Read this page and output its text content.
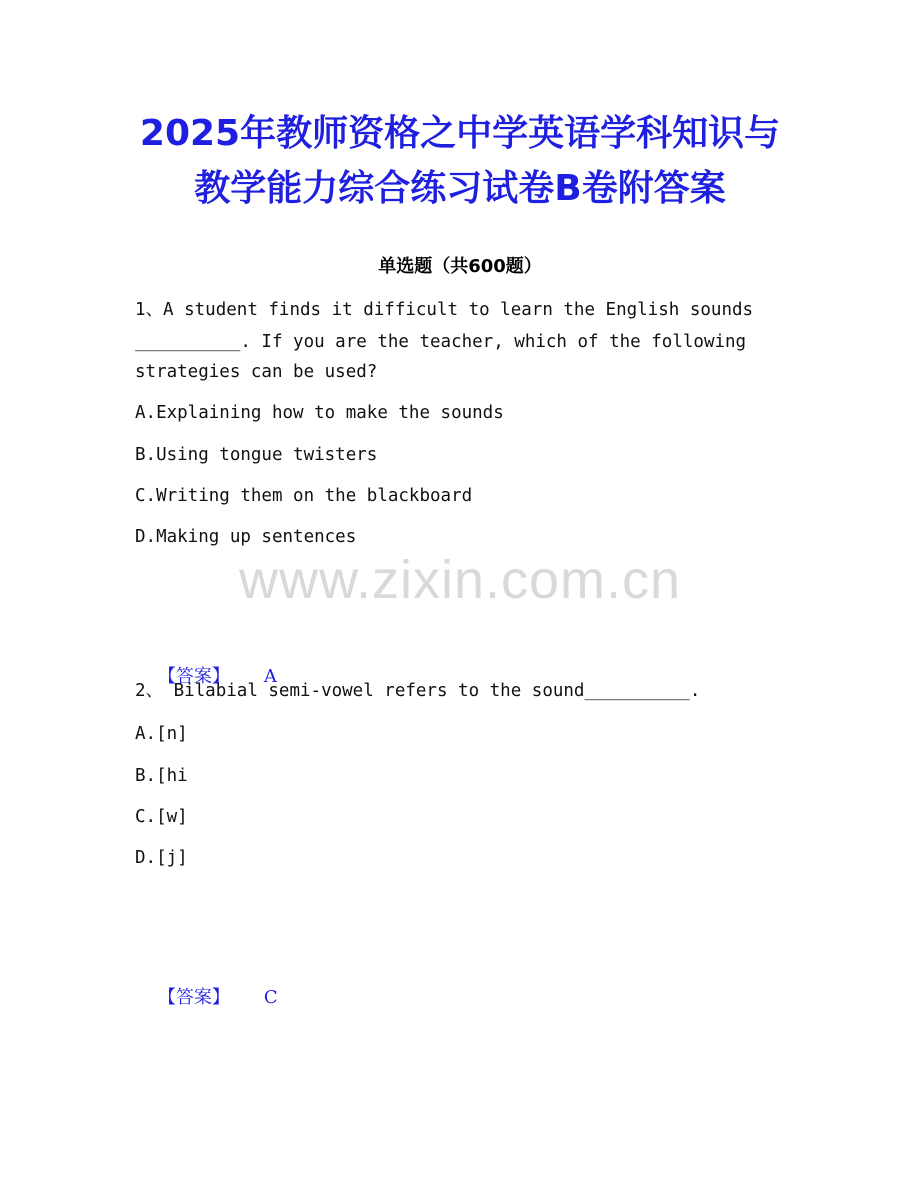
2025年教师资格之中学英语学科知识与
教学能力综合练习试卷B卷附答案
单选题（共600题）
1、A student finds it difficult to learn the English sounds
__________. If you are the teacher, which of the following
strategies can be used?
A.Explaining how to make the sounds
B.Using tongue twisters
C.Writing them on the blackboard
D.Making up sentences
www.zixin.com.cn

【答案】 A

2、 Bilabial semi-vowel refers to the sound__________.
A.[n]
B.[hi
C.[w]
D.[j]

【答案】 C
